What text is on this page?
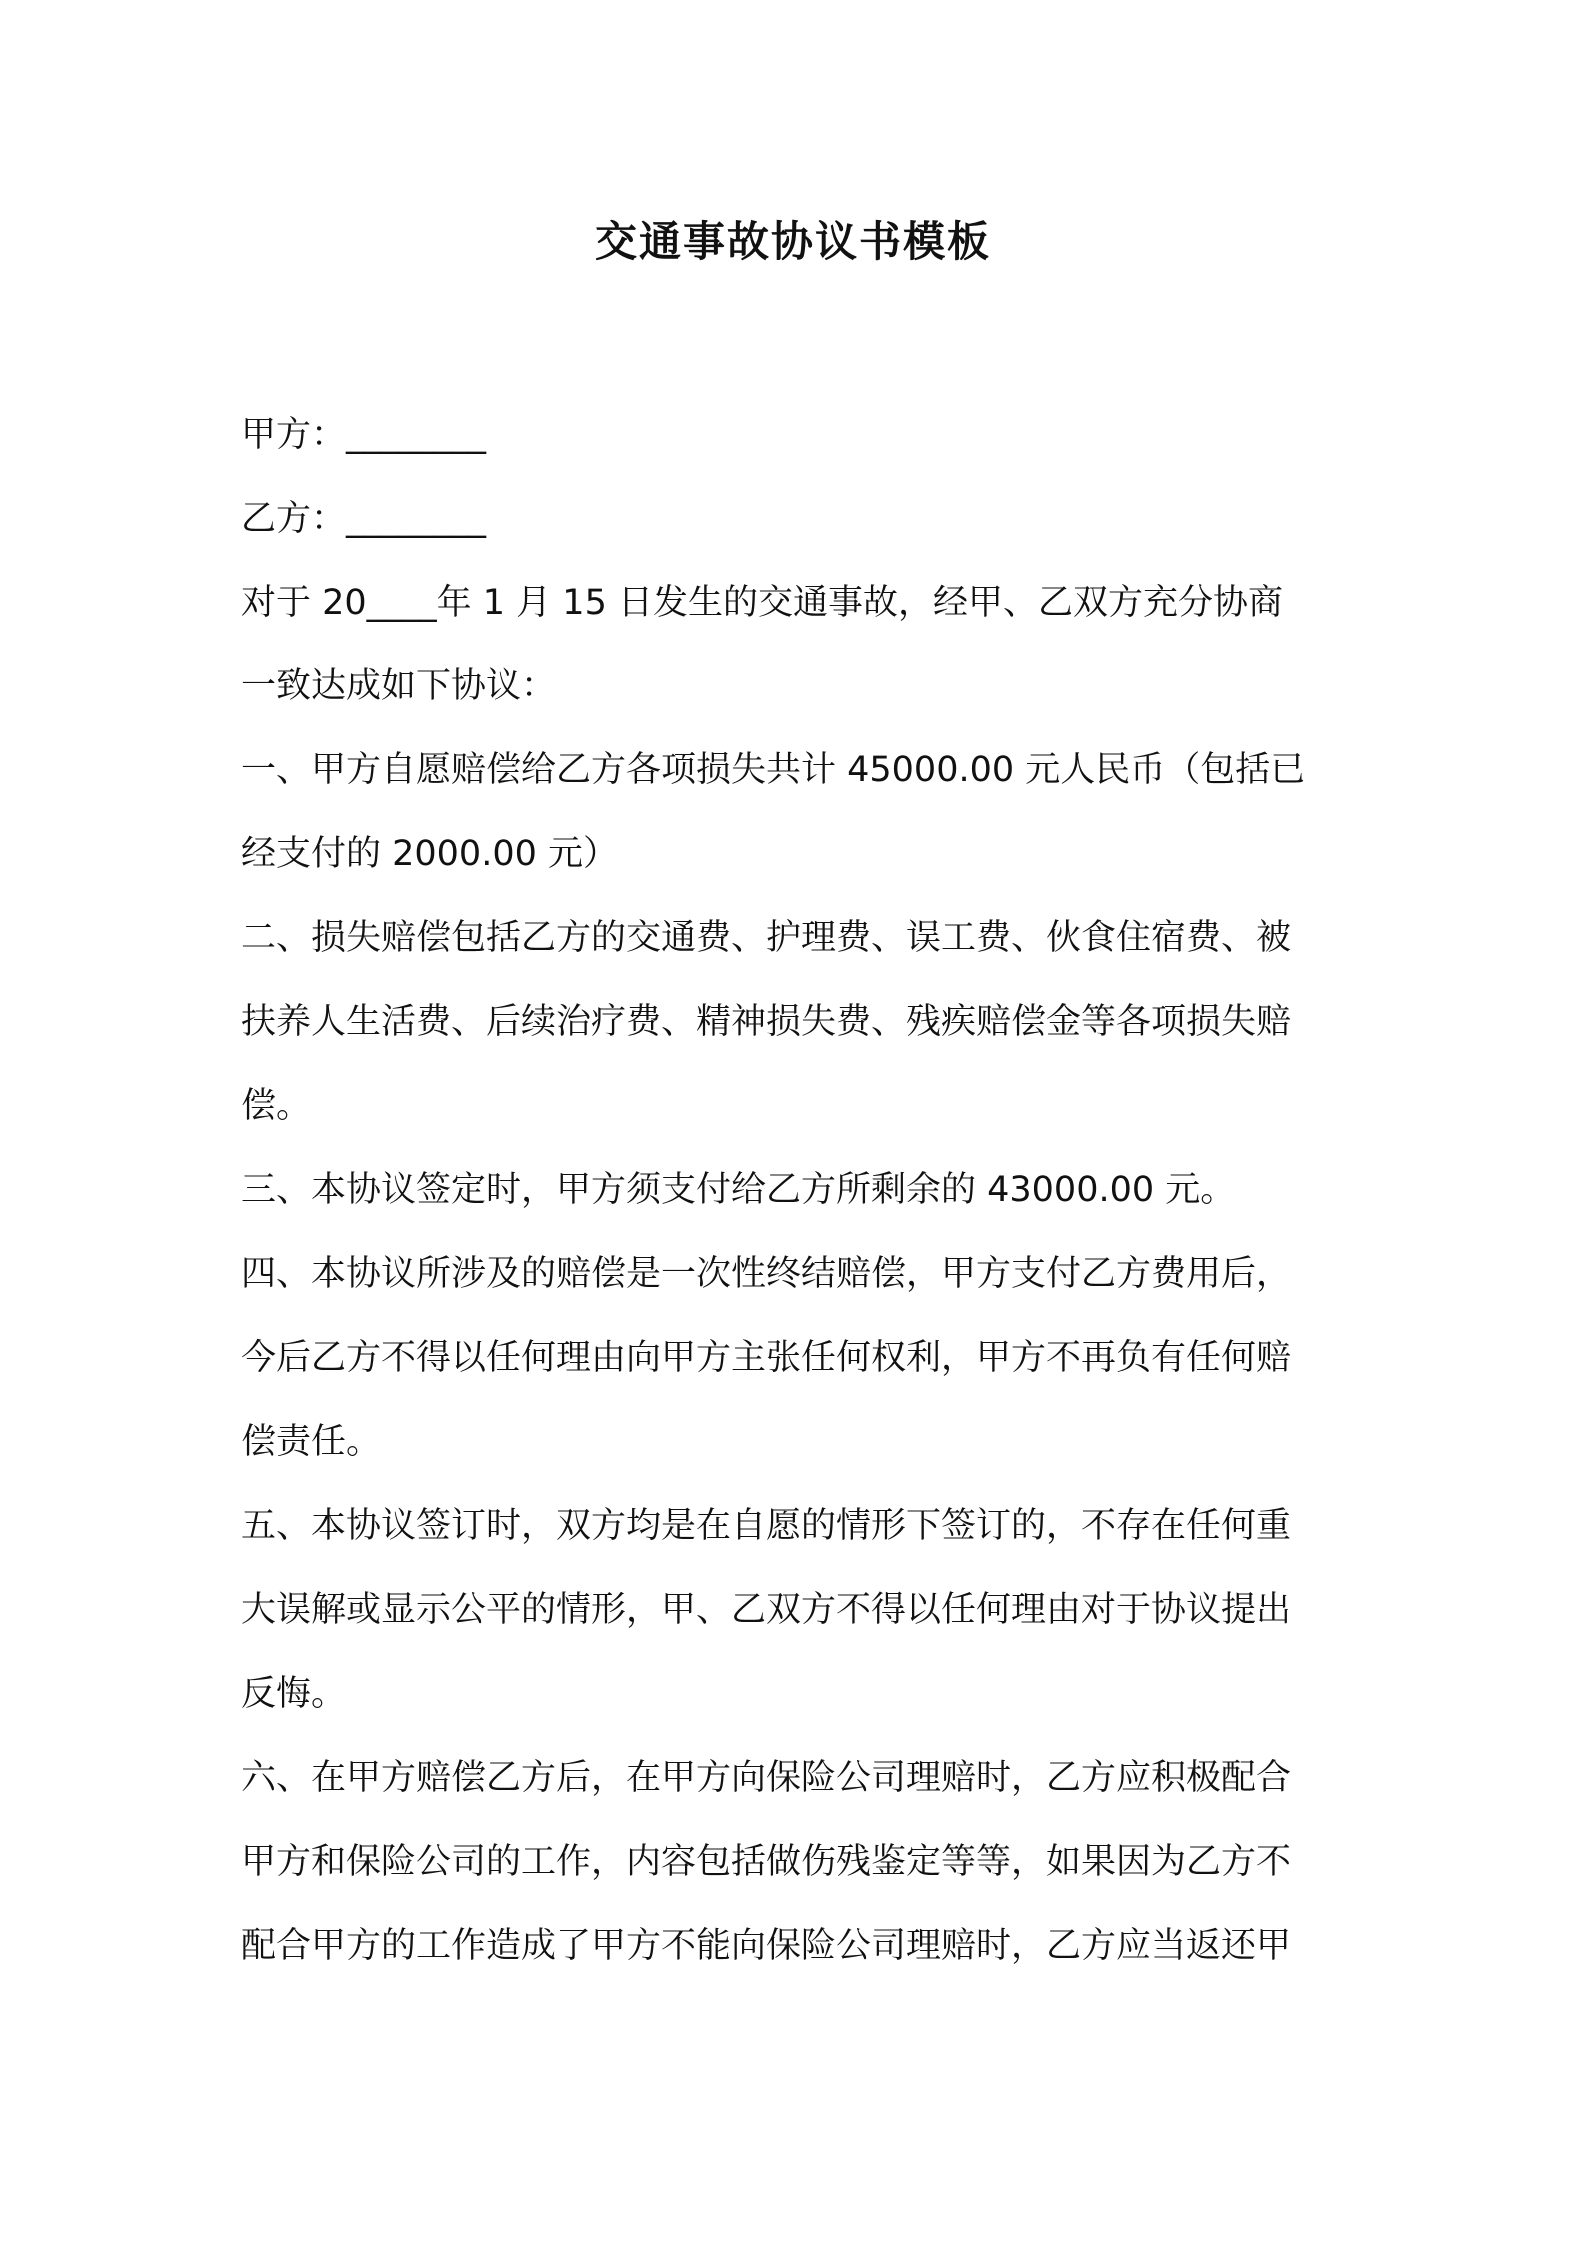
交通事故协议书模板

甲方：________

乙方：________

对于 20____年 1 月 15 日发生的交通事故，经甲、乙双方充分协商

一致达成如下协议：

一、甲方自愿赔偿给乙方各项损失共计 45000.00 元人民币（包括已

经支付的 2000.00 元）

二、损失赔偿包括乙方的交通费、护理费、误工费、伙食住宿费、被

扶养人生活费、后续治疗费、精神损失费、残疾赔偿金等各项损失赔

偿。

三、本协议签定时，甲方须支付给乙方所剩余的 43000.00 元。

四、本协议所涉及的赔偿是一次性终结赔偿，甲方支付乙方费用后，

今后乙方不得以任何理由向甲方主张任何权利，甲方不再负有任何赔

偿责任。

五、本协议签订时，双方均是在自愿的情形下签订的，不存在任何重

大误解或显示公平的情形，甲、乙双方不得以任何理由对于协议提出

反悔。

六、在甲方赔偿乙方后，在甲方向保险公司理赔时，乙方应积极配合

甲方和保险公司的工作，内容包括做伤残鉴定等等，如果因为乙方不

配合甲方的工作造成了甲方不能向保险公司理赔时，乙方应当返还甲
